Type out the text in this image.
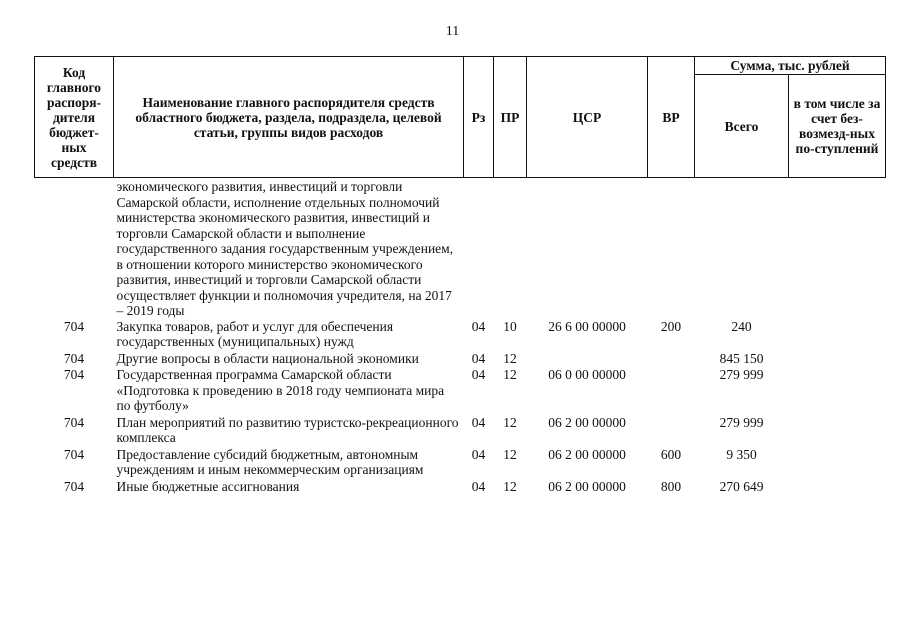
11
Код главного распоря-дителя бюджет-ных средств	Наименование главного распорядителя средств областного бюджета, раздела, подраздела, целевой статьи, группы видов расходов	Рз	ПР	ЦСР	ВР	Сумма, тыс. рублей	
						Всего	в том числе за счет без-возмезд-ных по-ступлений
	экономического развития, инвестиций и торговли Самарской области, исполнение отдельных полномочий министерства экономического развития, инвестиций и торговли Самарской области и выполнение государственного задания государственным учреждением, в отношении которого министерство экономического развития, инвестиций и торговли Самарской области осуществляет функции и полномочия учредителя, на 2017 – 2019 годы						
704	Закупка товаров, работ и услуг для обеспечения государственных (муниципальных) нужд	04	10	26 6 00 00000	200	240	
704	Другие вопросы в области национальной экономики	04	12			845 150	
704	Государственная программа Самарской области «Подготовка к проведению в 2018 году чемпионата мира по футболу»	04	12	06 0 00 00000		279 999	
704	План мероприятий по развитию туристско-рекреационного комплекса	04	12	06 2 00 00000		279 999	
704	Предоставление субсидий бюджетным, автономным учреждениям и иным некоммерческим организациям	04	12	06 2 00 00000	600	9 350	
704	Иные бюджетные ассигнования	04	12	06 2 00 00000	800	270 649	
